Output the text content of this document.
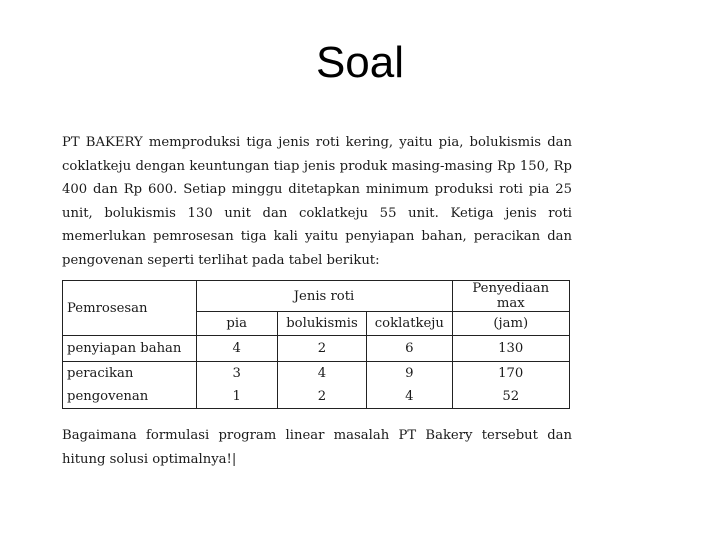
Soal
PT BAKERY memproduksi tiga jenis roti kering, yaitu pia, bolukismis dan coklatkeju dengan keuntungan tiap jenis produk masing-masing Rp 150, Rp 400 dan Rp 600. Setiap minggu ditetapkan minimum produksi roti pia 25 unit, bolukismis 130 unit dan coklatkeju 55 unit. Ketiga jenis roti memerlukan pemrosesan tiga kali yaitu penyiapan bahan, peracikan dan pengovenan seperti terlihat pada tabel berikut:
Pemrosesan	Jenis roti			Penyediaan max
	pia	bolukismis	coklatkeju	(jam)
penyiapan bahan	4	2	6	130
peracikan	3	4	9	170
pengovenan	1	2	4	52
Bagaimana formulasi program linear masalah PT Bakery tersebut dan hitung solusi optimalnya!|
